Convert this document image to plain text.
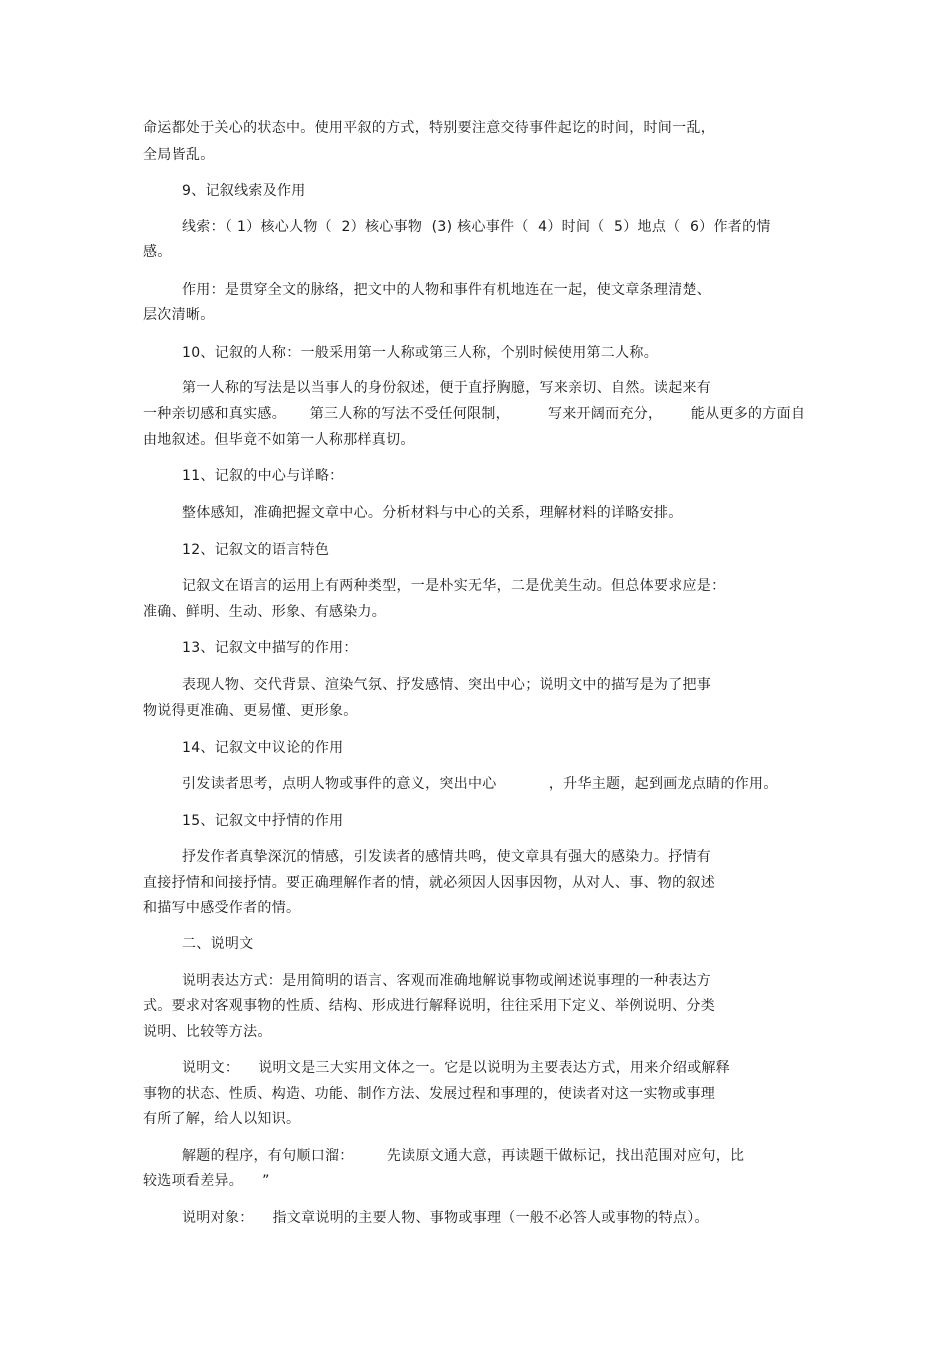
命运都处于关心的状态中。使用平叙的方式，特别要注意交待事件起讫的时间，时间一乱，
全局皆乱。
9、记叙线索及作用
线索：（ 1）核心人物（  2）核心事物  (3) 核心事件（  4）时间（  5）地点（  6）作者的情
感。
作用：是贯穿全文的脉络，把文中的人物和事件有机地连在一起，使文章条理清楚、
层次清晰。
10、记叙的人称：一般采用第一人称或第三人称，个别时候使用第二人称。
第一人称的写法是以当事人的身份叙述，便于直抒胸臆，写来亲切、自然。读起来有
一种亲切感和真实感。     第三人称的写法不受任何限制，        写来开阔而充分，      能从更多的方面自
由地叙述。但毕竟不如第一人称那样真切。
11、记叙的中心与详略：
整体感知，准确把握文章中心。分析材料与中心的关系，理解材料的详略安排。
12、记叙文的语言特色
记叙文在语言的运用上有两种类型，一是朴实无华，二是优美生动。但总体要求应是：
准确、鲜明、生动、形象、有感染力。
13、记叙文中描写的作用：
表现人物、交代背景、渲染气氛、抒发感情、突出中心；说明文中的描写是为了把事
物说得更准确、更易懂、更形象。
14、记叙文中议论的作用
引发读者思考，点明人物或事件的意义，突出中心           ，升华主题，起到画龙点睛的作用。
15、记叙文中抒情的作用
抒发作者真挚深沉的情感，引发读者的感情共鸣，使文章具有强大的感染力。抒情有
直接抒情和间接抒情。要正确理解作者的情，就必须因人因事因物，从对人、事、物的叙述
和描写中感受作者的情。
二、说明文
说明表达方式：是用简明的语言、客观而准确地解说事物或阐述说事理的一种表达方
式。要求对客观事物的性质、结构、形成进行解释说明，往往采用下定义、举例说明、分类
说明、比较等方法。
说明文：    说明文是三大实用文体之一。它是以说明为主要表达方式，用来介绍或解释
事物的状态、性质、构造、功能、制作方法、发展过程和事理的，使读者对这一实物或事理
有所了解，给人以知识。
解题的程序，有句顺口溜：       先读原文通大意，再读题干做标记，找出范围对应句，比
较选项看差异。    ”
说明对象：    指文章说明的主要人物、事物或事理（一般不必答人或事物的特点）。
